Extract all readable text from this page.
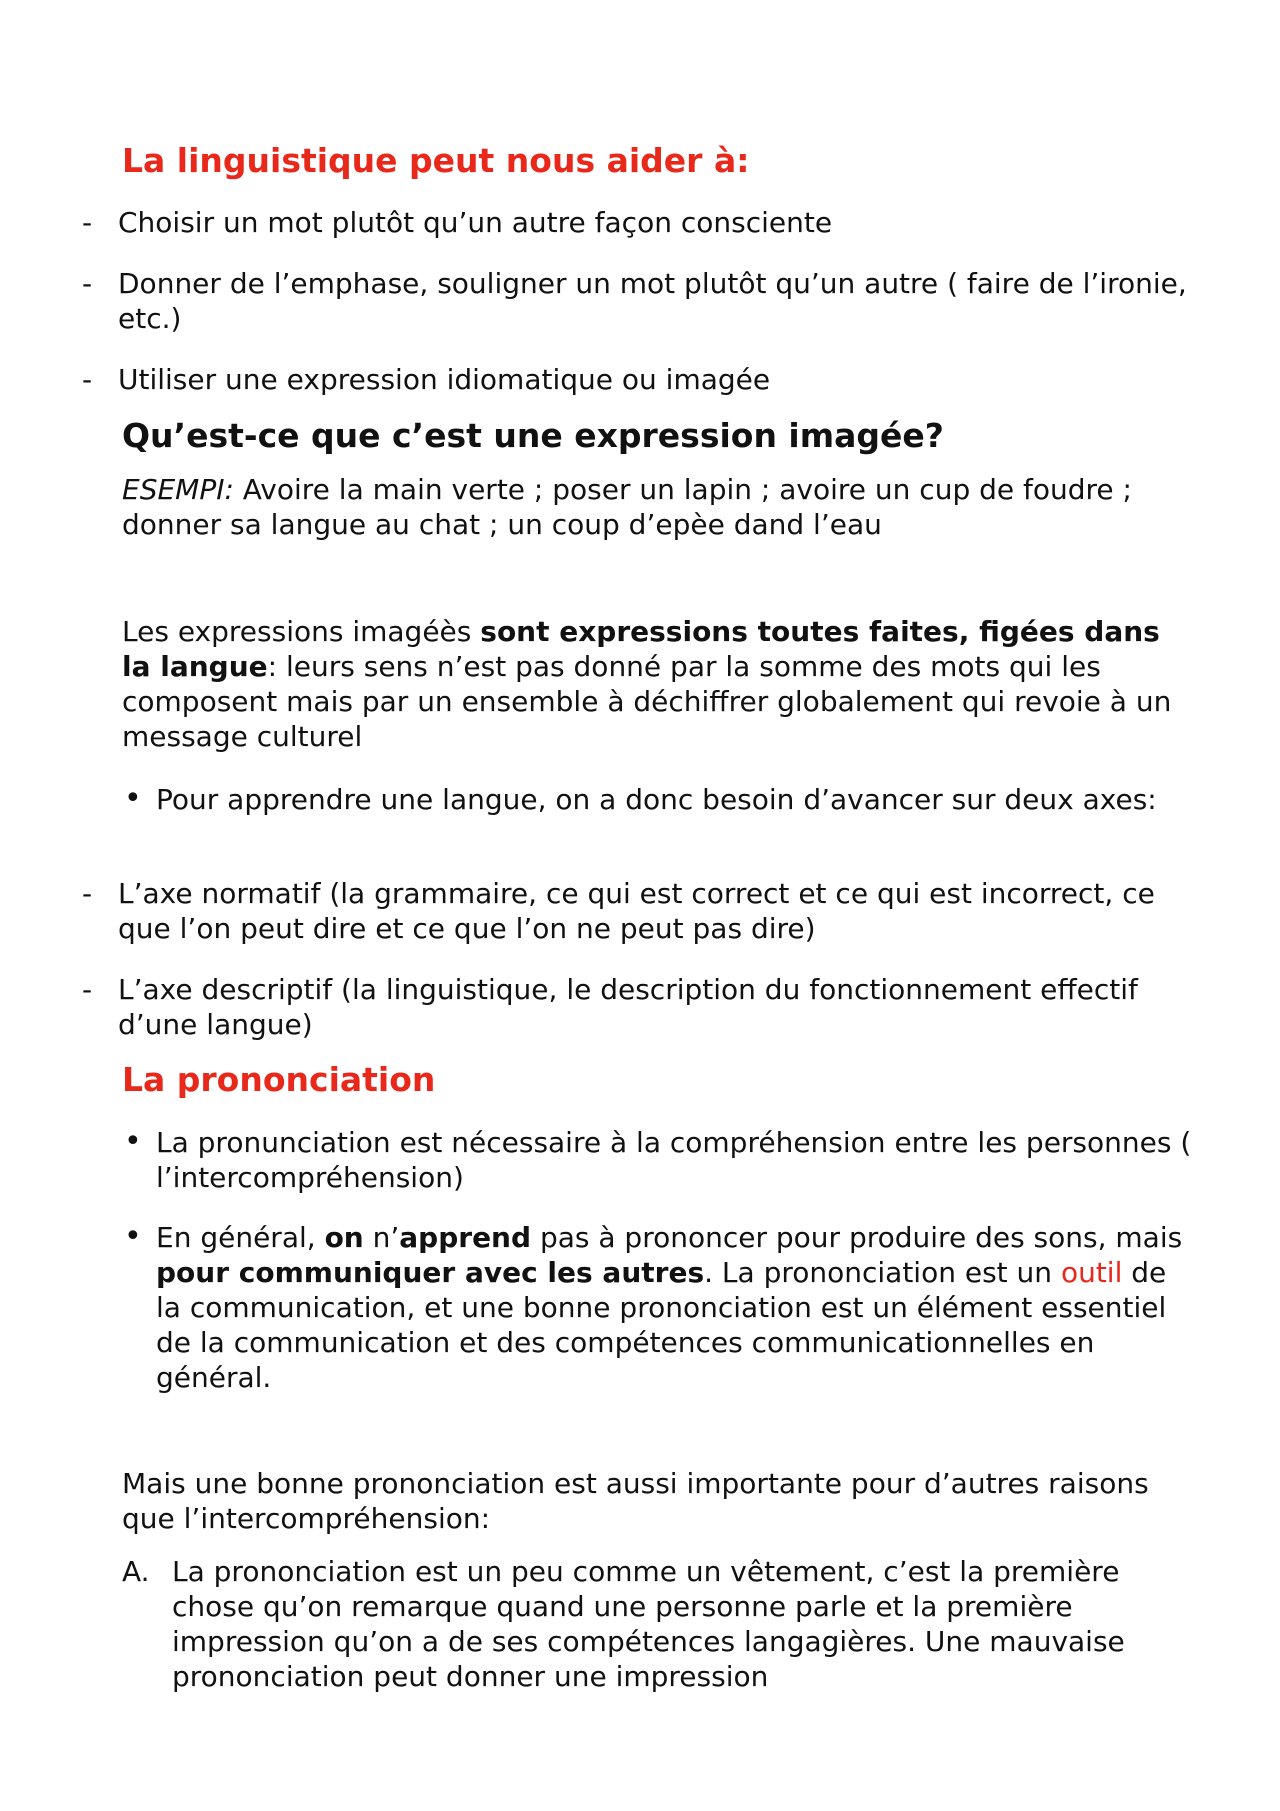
La linguistique peut nous aider à:

- Choisir un mot plutôt qu’un autre façon consciente

- Donner de l’emphase, souligner un mot plutôt qu’un autre ( faire de l’ironie, etc.)

- Utiliser une expression idiomatique ou imagée

Qu’est-ce que c’est une expression imagée?

ESEMPI: Avoire la main verte ; poser un lapin ; avoire un cup de foudre ; donner sa langue au chat ; un coup d’epèe dand l’eau

Les expressions imagéès sont expressions toutes faites, figées dans la langue: leurs sens n’est pas donné par la somme des mots qui les composent mais par un ensemble à déchiffrer globalement qui revoie à un message culturel

• Pour apprendre une langue, on a donc besoin d’avancer sur deux axes:

- L’axe normatif (la grammaire, ce qui est correct et ce qui est incorrect, ce que l’on peut dire et ce que l’on ne peut pas dire)

- L’axe descriptif (la linguistique, le description du fonctionnement effectif d’une langue)

La prononciation

• La pronunciation est nécessaire à la compréhension entre les personnes ( l’intercompréhension)

• En général, on n’apprend pas à prononcer pour produire des sons, mais pour communiquer avec les autres. La prononciation est un outil de la communication, et une bonne prononciation est un élément essentiel de la communication et des compétences communicationnelles en général.

Mais une bonne prononciation est aussi importante pour d’autres raisons que l’intercompréhension:

A. La prononciation est un peu comme un vêtement, c’est la première chose qu’on remarque quand une personne parle et la première impression qu’on a de ses compétences langagières. Une mauvaise prononciation peut donner une impression
